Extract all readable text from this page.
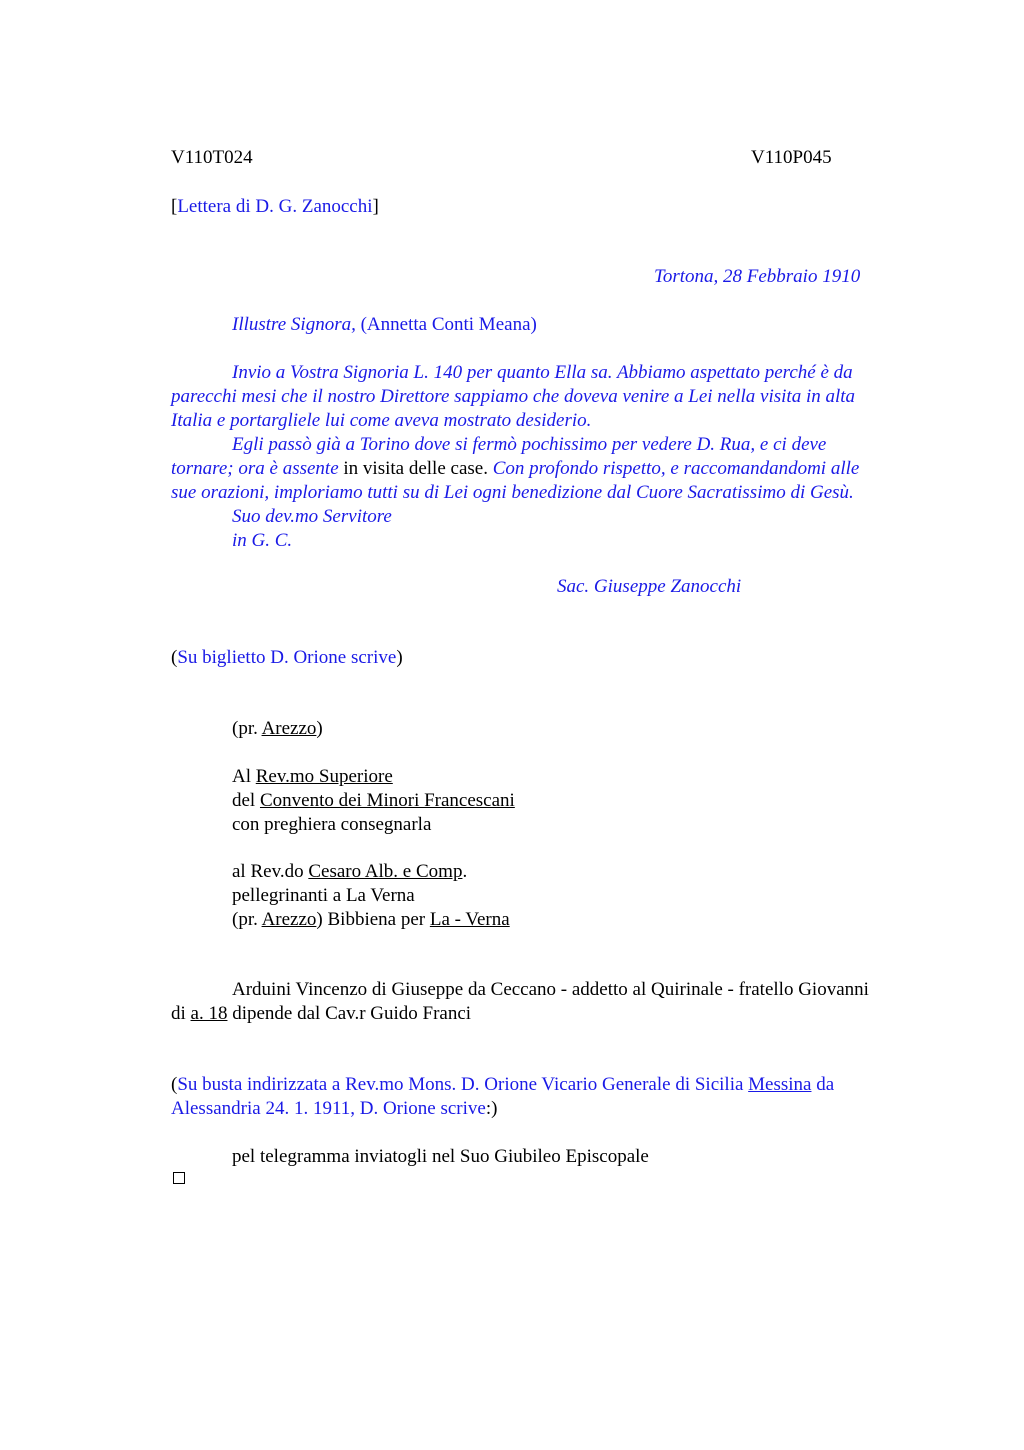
V110T024	V110P045
[Lettera di D. G. Zanocchi]
Tortona, 28 Febbraio 1910
Illustre Signora, (Annetta Conti Meana)
Invio a Vostra Signoria L. 140 per quanto Ella sa. Abbiamo aspettato perché è da
parecchi mesi che il nostro Direttore sappiamo che doveva venire a Lei nella visita in alta
Italia e portargliele lui come aveva mostrato desiderio.
Egli passò già a Torino dove si fermò pochissimo per vedere D. Rua, e ci deve
tornare; ora è assente in visita delle case. Con profondo rispetto, e raccomandandomi alle
sue orazioni, imploriamo tutti su di Lei ogni benedizione dal Cuore Sacratissimo di Gesù.
Suo dev.mo Servitore
in G. C.
Sac. Giuseppe Zanocchi
(Su biglietto D. Orione scrive)
(pr. Arezzo)
Al Rev.mo Superiore
del Convento dei Minori Francescani
con preghiera consegnarla
al Rev.do Cesaro Alb. e Comp.
pellegrinanti a La Verna
(pr. Arezzo) Bibbiena per La - Verna
Arduini Vincenzo di Giuseppe da Ceccano - addetto al Quirinale - fratello Giovanni
di a. 18 dipende dal Cav.r Guido Franci
(Su busta indirizzata a Rev.mo Mons. D. Orione Vicario Generale di Sicilia Messina da
Alessandria 24. 1. 1911, D. Orione scrive:)
pel telegramma inviatogli nel Suo Giubileo Episcopale
